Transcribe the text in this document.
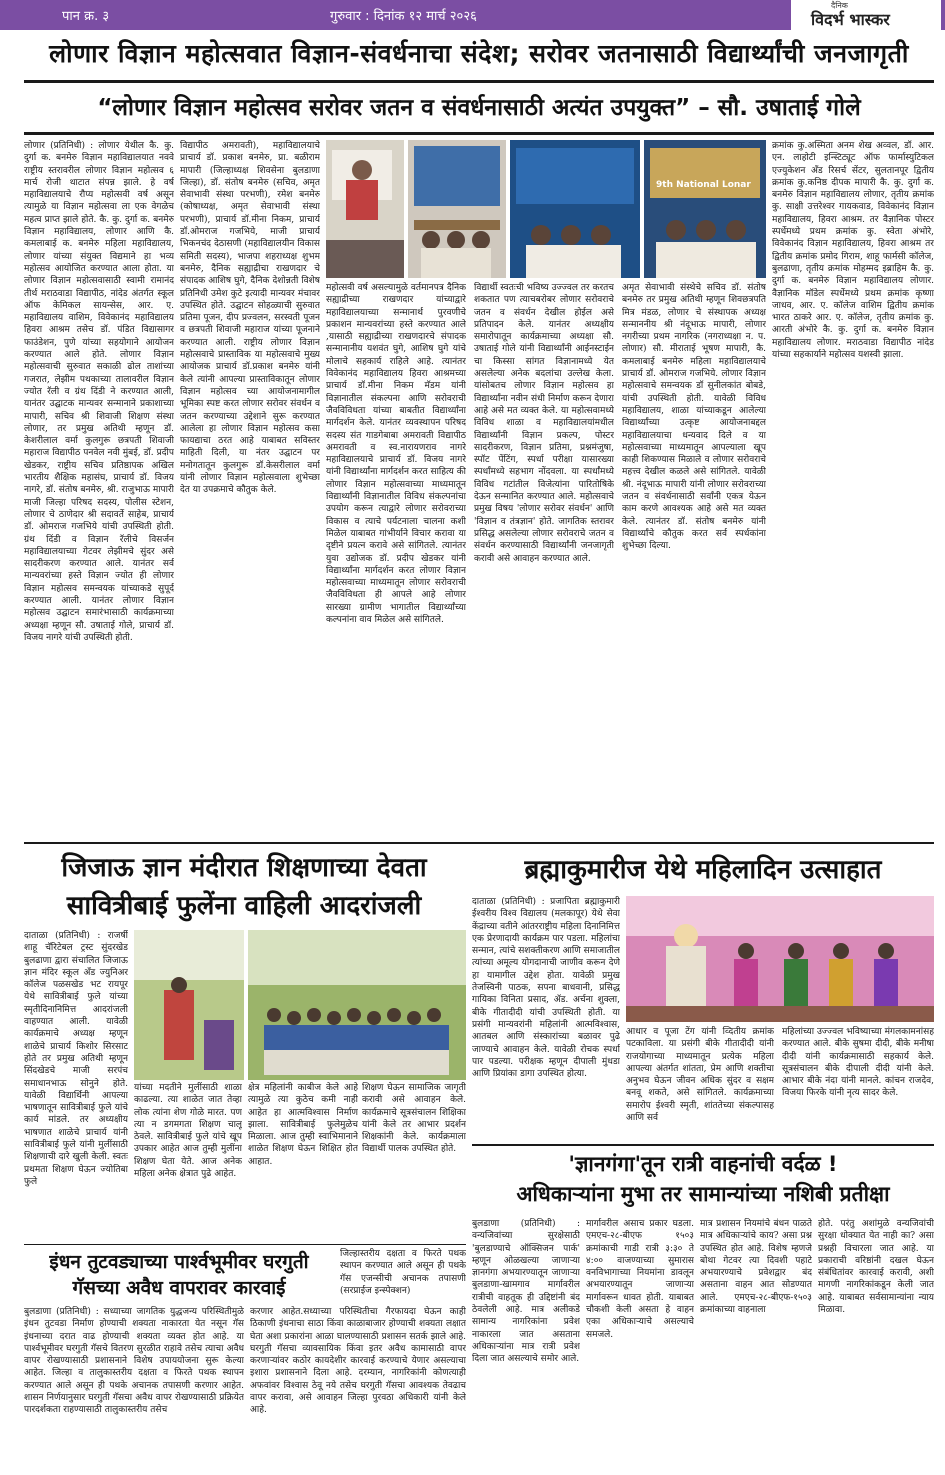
पान क्र. ३	गुरुवार : दिनांक १२ मार्च २०२६
दैनिक
विदर्भ भास्कर
लोणार विज्ञान महोत्सवात विज्ञान-संवर्धनाचा संदेश; सरोवर जतनासाठी विद्यार्थ्यांची जनजागृती
“लोणार विज्ञान महोत्सव सरोवर जतन व संवर्धनासाठी अत्यंत उपयुक्त” – सौ. उषाताई गोले
लोणार (प्रतिनिधी) : लोणार येथील कै. कु. दुर्गा क. बनमेरु विज्ञान महाविद्यालयात नववे राष्ट्रीय स्तरावरील लोणार विज्ञान महोत्सव ६ मार्च रोजी थाटात संपन्न झाले. हे वर्ष महाविद्यालयाचे रौप्य महोत्सवी वर्ष असून त्यामुळे या विज्ञान महोत्सवा ला एक वेगळेच महत्व प्राप्त झाले होते. कै. कु. दुर्गा क. बनमेरु विज्ञान महाविद्यालय, लोणार आणि कै. कमलाबाई क. बनमेरु महिला महाविद्यालय, लोणार यांच्या संयुक्त विद्यमाने हा भव्य महोत्सव आयोजित करण्यात आला होता. या लोणार विज्ञान महोत्सवासाठी स्वामी रामानंद तीर्थ मराठवाडा विद्यापीठ, नांदेड अंतर्गत स्कूल ऑफ केमिकल सायन्सेस, आर. ए. महाविद्यालय वाशिम, विवेकानंद महाविद्यालय हिवरा आश्रम तसेच डॉ. पंडित विद्यासागर फाउंडेशन, पुणे यांच्या सहयोगाने आयोजन करण्यात आले होते. लोणार विज्ञान महोत्सवाची सुरुवात सकाळी ढोल ताशांच्या गजरात, लेझीम पथकाच्या तालावरील विज्ञान ज्योत रॅली व ग्रंथ दिंडी ने करण्यात आली, यानंतर उद्घाटक मान्यवर सन्मानाने प्रकाशाच्या मापारी, सचिव श्री शिवाजी शिक्षण संस्था लोणार, तर प्रमुख अतिथी म्हणून डॉ. केशरीलाल वर्मा कुलगुरू छत्रपती शिवाजी महाराज विद्यापीठ पनवेल नवी मुंबई, डॉ. प्रदीप खेडकर, राष्ट्रीय सचिव प्रतिष्ठापक अखिल भारतीय शैक्षिक महासंघ, प्राचार्य डॉ. विजय नागरे, डॉ. संतोष बनमेरु, श्री. राजुभाऊ मापारी माजी जिल्हा परिषद सदस्य, पोलीस स्टेशन, लोणार चे ठाणेदार श्री सदावर्ते साहेब, प्राचार्य डॉ. ओमराज गजभिये यांची उपस्थिती होती. ग्रंथ दिंडी व विज्ञान रॅलीचे विसर्जन महाविद्यालयाच्या गेटवर लेझीमचे सुंदर असे सादरीकरण करण्यात आले. यानंतर सर्व मान्यवरांच्या हस्ते विज्ञान ज्योत ही लोणार विज्ञान महोत्सव समन्वयक यांच्याकडे सुपूर्द करण्यात आली. यानंतर लोणार विज्ञान महोत्सव उद्घाटन समारंभासाठी कार्यक्रमाच्या अध्यक्षा म्हणून सौ. उषाताई गोले, प्राचार्य डॉ. विजय नागरे यांची उपस्थिती होती.
विद्यापीठ अमरावती), महाविद्यालयाचे प्राचार्य डॉ. प्रकाश बनमेरु, प्रा. बळीराम मापारी (जिल्हाध्यक्ष शिवसेना बुलडाणा जिल्हा), डॉ. संतोष बनमेरु (सचिव, अमृत सेवाभावी संस्था परभणी), रमेश बनमेरु (कोषाध्यक्ष, अमृत सेवाभावी संस्था परभणी), प्राचार्य डॉ.मीना निकम, प्राचार्य डॉ.ओमराज गजभिये, माजी प्राचार्य भिकनचंद देठासणी (महाविद्यालयीन विकास समिती सदस्य), भाजपा शहराध्यक्ष शुभम बनमेरु, दैनिक सह्याद्रीचा राखणदार चे संपादक आशिष घुगे, दैनिक देशोन्नती विशेष प्रतिनिधी उमेश कुटे इत्यादी मान्यवर मंचावर उपस्थित होते. उद्घाटन सोहळ्याची सुरुवात प्रतिमा पूजन, दीप प्रज्वलन, सरस्वती पूजन व छत्रपती शिवाजी महाराज यांच्या पूजनाने करण्यात आली. राष्ट्रीय लोणार विज्ञान महोत्सवाचे प्रास्ताविक या महोत्सवाचे मुख्य आयोजक प्राचार्य डॉ.प्रकाश बनमेरु यांनी केले त्यांनी आपल्या प्रास्ताविकातून लोणार विज्ञान महोत्सव च्या आयोजनामागील भूमिका स्पष्ट करत लोणार सरोवर संवर्धन व जतन करण्याच्या उद्देशाने सुरू करण्यात आलेला हा लोणार विज्ञान महोत्सव कसा फायद्याचा ठरत आहे याबाबत सविस्तर माहिती दिली, या नंतर उद्घाटन पर मनोगतातून कुलगुरू डॉ.केसरीलाल वर्मा यांनी लोणार विज्ञान महोत्सवाला शुभेच्छा देत या उपक्रमाचे कौतुक केले.
9th National Lonar
महोत्सवी वर्ष असल्यामुळे वर्तमानपत्र दैनिक सह्याद्रीच्या राखणदार यांच्याद्वारे महाविद्यालयाच्या सन्मानार्थ पुरवणीचे प्रकाशन मान्यवरांच्या हस्ते करण्यात आले ,यासाठी सह्याद्रीच्या राखणदारचे संपादक सन्मानानीय यशवंत घुगे, आशिष घुगे यांचे मोलाचे सहकार्य राहिले आहे. त्यानंतर विवेकानंद महाविद्यालय हिवरा आश्रमच्या प्राचार्य डॉ.मीना निकम मॅडम यांनी विज्ञानातील संकल्पना आणि सरोवराची जैवविविधता यांच्या बाबतीत विद्यार्थ्यांना मार्गदर्शन केले. यानंतर व्यवस्थापन परिषद सदस्य संत गाडगेबाबा अमरावती विद्यापीठ अमरावती व स्व.नारायणराव नागरे महाविद्यालयाचे प्राचार्य डॉ. विजय नागरे यांनी विद्यार्थ्यांना मार्गदर्शन करत साहित्य की लोणार विज्ञान महोत्सवाच्या माध्यमातून विद्यार्थ्यांनी विज्ञानातील विविध संकल्पनांचा उपयोग करून त्याद्वारे लोणार सरोवराच्या विकास व त्याचे पर्यटनाला चालना कशी मिळेल याबाबत गांभीर्याने विचार करावा या दृष्टीने प्रयत्न करावे असे सांगितले. त्यानंतर युवा उद्योजक डॉ. प्रदीप खेडकर यांनी विद्यार्थ्यांना मार्गदर्शन करत लोणार विज्ञान महोत्सवाच्या माध्यमातून लोणार सरोवराची जैवविविधता ही आपले आहे लोणार सारख्या ग्रामीण भागातील विद्यार्थ्यांच्या कल्पनांना वाव मिळेल असे सांगितले.
विद्यार्थी स्वतःची भविष्य उज्ज्वल तर करतच शकतात पण त्याचबरोबर लोणार सरोवराचे जतन व संवर्धन देखील होईल असे प्रतिपादन केले. यानंतर अध्यक्षीय समारोपातून कार्यक्रमाच्या अध्यक्षा सौ. उषाताई गोले यांनी विद्यार्थ्यांनी आईनस्टाईन चा किस्सा सांगत विज्ञानामध्ये येत असलेल्या अनेक बदलांचा उल्लेख केला. यांसोबतच लोणार विज्ञान महोत्सव हा विद्यार्थ्यांना नवीन संधी निर्माण करून देणारा आहे असे मत व्यक्त केले. या महोत्सवामध्ये विविध शाळा व महाविद्यालयांमधील विद्यार्थ्यांनी विज्ञान प्रकल्प, पोस्टर सादरीकरण, विज्ञान प्रतिमा, प्रश्नमंजुषा, स्पॉट पेंटिंग, स्पर्धा परीक्षा यासारख्या स्पर्धांमध्ये सहभाग नोंदवला. या स्पर्धांमध्ये विविध गटांतील विजेत्यांना पारितोषिके देऊन सन्मानित करण्यात आले. महोत्सवाचे प्रमुख विषय 'लोणार सरोवर संवर्धन' आणि 'विज्ञान व तंत्रज्ञान' होते. जागतिक स्तरावर प्रसिद्ध असलेल्या लोणार सरोवराचे जतन व संवर्धन करण्यासाठी विद्यार्थ्यांनी जनजागृती करावी असे आवाहन करण्यात आले.
अमृत सेवाभावी संस्थेचे सचिव डॉ. संतोष बनमेरु तर प्रमुख अतिथी म्हणून शिवछत्रपति मित्र मंडळ, लोणार चे संस्थापक अध्यक्ष सन्माननीय श्री नंदूभाऊ मापारी, लोणार नगरीच्या प्रथम नागरिक (नगराध्यक्षा न. प. लोणार) सौ. मीराताई भूषण मापारी, कै. कमलाबाई बनमेरु महिला महाविद्यालयाचे प्राचार्य डॉ. ओमराज गजभिये. लोणार विज्ञान महोत्सवाचे समन्वयक डॉ सुनीलकांत बोबडे, यांची उपस्थिती होती. यावेळी विविध महाविद्यालय, शाळा यांच्याकडून आलेल्या विद्यार्थ्यांच्या उत्कृष्ट आयोजनाबद्दल महाविद्यालयाचा धन्यवाद दिले व या महोत्सवाच्या माध्यमातून आपल्याला खूप काही शिकण्यास मिळाले व लोणार सरोवराचे महत्त्व देखील कळले असे सांगितले. यावेळी श्री. नंदूभाऊ मापारी यांनी लोणार सरोवराच्या जतन व संवर्धनासाठी सर्वांनी एकत्र येऊन काम करणे आवश्यक आहे असे मत व्यक्त केले. त्यानंतर डॉ. संतोष बनमेरु यांनी विद्यार्थ्यांचे कौतुक करत सर्व स्पर्धकांना शुभेच्छा दिल्या.
क्रमांक कु.अस्मिता अनम शेख अव्वल, डॉ. आर. एन. लाहोटी इन्स्टिट्यूट ऑफ फार्मास्युटिकल एज्युकेशन अँड रिसर्च सेंटर, सुलतानपूर द्वितीय क्रमांक कु.कनिष्ठ दीपक मापारी कै. कु. दुर्गा क. बनमेरु विज्ञान महाविद्यालय लोणार, तृतीय क्रमांक कु. साक्षी उत्तरेश्वर गायकवाड, विवेकानंद विज्ञान महाविद्यालय, हिवरा आश्रम. तर वैज्ञानिक पोस्टर स्पर्धेमध्ये प्रथम क्रमांक कु. स्वेता अंभोरे, विवेकानंद विज्ञान महाविद्यालय, हिवरा आश्रम तर द्वितीय क्रमांक प्रमोद गिराम, शाहू फार्मसी कॉलेज, बुलढाणा, तृतीय क्रमांक मोहम्मद इब्राहिम कै. कु. दुर्गा क. बनमेरु विज्ञान महाविद्यालय लोणार. वैज्ञानिक मॉडेल स्पर्धेमध्ये प्रथम क्रमांक कृष्णा जाधव, आर. ए. कॉलेज वाशिम द्वितीय क्रमांक भारत ठाकरे आर. ए. कॉलेज, तृतीय क्रमांक कु. आरती अंभोरे कै. कु. दुर्गा क. बनमेरु विज्ञान महाविद्यालय लोणार. मराठवाडा विद्यापीठ नांदेड यांच्या सहकार्याने महोत्सव यशस्वी झाला.
जिजाऊ ज्ञान मंदीरात शिक्षणाच्या देवता
सावित्रीबाई फुलेंना वाहिली आदरांजली
दाताळा (प्रतिनिधी) : राजर्षी शाहू चॅरिटेबल ट्रस्ट सुंदरखेड बुलढाणा द्वारा संचालित जिजाऊ ज्ञान मंदिर स्कूल ॲंड ज्युनिअर कॉलेज पळसखेड भट रायपूर येथे सावित्रीबाई फुले यांच्या स्मृतीदिनानिमित्त आदरांजली वाहण्यात आली. यावेळी कार्यक्रमाचे अध्यक्ष म्हणून शाळेचे प्राचार्य किशोर सिरसाट होते तर प्रमुख अतिथी म्हणून सिंदखेडचे माजी सरपंच समाधानभाऊ सोनुने होते. यावेळी विद्यार्थिनी आपल्या भाषणातून सावित्रीबाई फुले यांचे कार्य मांडले. तर अध्यक्षीय भाषणात शाळेचे प्राचार्य यांनी सावित्रीबाई फुले यांनी मुलींसाठी शिक्षणाची दारे खुली केली. स्वतः प्रथमता शिक्षण घेऊन ज्योतिबा फुले
यांच्या मदतीने मुलींसाठी शाळा काढल्या. त्या शाळेत जात तेव्हा लोक त्यांना शेण गोळे मारत. पण त्या न डगमगता शिक्षण चालू ठेवले. सावित्रीबाई फुले यांचे खूप उपकार आहेत आज तुम्ही मुलींना शिक्षण घेता येते. आज अनेक महिला अनेक क्षेत्रात पुढे आहेत.
क्षेत्र महिलांनी काबीज केले आहे त्यामुळे त्या कुठेच कमी नाही आहेत हा आत्मविश्वास निर्माण झाला. सावित्रीबाई फुलेमुळेच मिळाला. आज तुम्ही स्वाभिमानाने शाळेत शिक्षण घेऊन शिक्षित होत आहात.
शिक्षण घेऊन सामाजिक जागृती करावी असे आवाहन केले. कार्यक्रमाचे सूत्रसंचालन शिक्षिका यांनी केले तर आभार प्रदर्शन शिक्षकांनी केले. कार्यक्रमाला विद्यार्थी पालक उपस्थित होते.
ब्रह्माकुमारीज येथे महिलादिन उत्साहात
दाताळा (प्रतिनिधी) : प्रजापिता ब्रह्माकुमारी ईश्वरीय विश्व विद्यालय (मलकापूर) येथे सेवा केंद्राच्या वतीने आंतरराष्ट्रीय महिला दिनानिमित्त एक प्रेरणादायी कार्यक्रम पार पडला. महिलांचा सन्मान, त्यांचे सशक्तीकरण आणि समाजातील त्यांच्या अमूल्य योगदानाची जाणीव करून देणे हा यामागील उद्देश होता. यावेळी प्रमुख तेजस्विनी पाठक, सपना बाधवानी, प्रसिद्ध गायिका विनिता प्रसाद, ॲड. अर्चना शुक्ला, बीके गीतादीदी यांची उपस्थिती होती. या प्रसंगी मान्यवरांनी महिलांनी आत्मविश्वास, आतबल आणि संस्कारांच्या बळावर पुढे जाण्याचे आवाहन केले. यावेळी रोचक स्पर्धा पार पडल्या. परीक्षक म्हणून दीपाली मुंधडा आणि प्रियांका डागा उपस्थित होत्या.
आधार व पूजा टेंग यांनी व्दितीय क्रमांक पटकाविला. या प्रसंगी बीके गीतादीदी यांनी राजयोगाच्या माध्यमातून प्रत्येक महिला आपल्या अंतर्गत शांतता, प्रेम आणि शक्तीचा अनुभव घेऊन जीवन अधिक सुंदर व सक्षम बनवू शकते, असे सांगितले. कार्यक्रमाच्या समारोप ईश्वरी स्मृती, शांततेच्या संकल्पासह आणि सर्व
महिलांच्या उज्ज्वल भविष्याच्या मंगलकामनांसह करण्यात आले. बीके सुषमा दीदी, बीके मनीषा दीदी यांनी कार्यक्रमासाठी सहकार्य केले. सूत्रसंचालन बीके दीपाली दीदी यांनी केले. आभार बीके नंदा यांनी मानले. कांचन राजदेव, विजया फिरके यांनी नृत्य सादर केले.
'ज्ञानगंगा'तून रात्री वाहनांची वर्दळ !
अधिकाऱ्यांना मुभा तर सामान्यांच्या नशिबी प्रतीक्षा
बुलडाणा (प्रतिनिधी) : वन्यजिवांच्या सुरक्षेसाठी 'बुलडाण्याचे ऑक्सिजन पार्क' म्हणून ओळखल्या जाणाऱ्या ज्ञानगंगा अभयारण्यातून जाणाऱ्या बुलडाणा-खामगाव मार्गावरील रात्रीची वाहतूक ही उद्दिष्टांनी बंद ठेवलेली आहे. मात्र अलीकडे सामान्य नागरिकांना प्रवेश नाकारला जात असताना अधिकाऱ्यांना मात्र रात्री प्रवेश दिला जात असल्याचे समोर आले.
मार्गावरील असाच प्रकार घडला. एमएच-२८-बीएफ १५०३ क्रमांकाची गाडी रात्री ३:३० ते ४:०० वाजण्याच्या सुमारास वनविभागाच्या नियमांना डावलून अभयारण्यातून जाणाऱ्या मार्गावरून धावत होती. याबाबत चौकशी केली असता हे वाहन एका अधिकाऱ्याचे असल्याचे समजले.
मात्र प्रशासन नियमांचे बंधन पाळते मात्र अधिकाऱ्यांचे काय? असा प्रश्न उपस्थित होत आहे. विशेष म्हणजे बोथा गेटवर त्या दिवशी पहाटे अभयारण्याचे प्रवेशद्वार बंद असताना वाहन आत सोडण्यात आले. एमएच-२८-बीएफ-१५०३ क्रमांकाच्या वाहनाला
होते. परंतु अशांमुळे वन्यजिवांची सुरक्षा धोक्यात येत नाही का? असा प्रश्नही विचारला जात आहे. या प्रकाराची वरिष्ठांनी दखल घेऊन संबंधितांवर कारवाई करावी, अशी मागणी नागरिकांकडून केली जात आहे. याबाबत सर्वसामान्यांना न्याय मिळावा.
इंधन तुटवड्याच्या पार्श्वभूमीवर घरगुती
गॅसच्या अवैध वापरावर कारवाई
जिल्हास्तरीय दक्षता व फिरते पथक स्थापन करण्यात आले असून ही पथके गॅस एजन्सीची अचानक तपासणी (सरप्राईज इन्स्पेक्शन)
बुलडाणा (प्रतिनिधी) : सध्याच्या जागतिक युद्धजन्य परिस्थितीमुळे इंधन तुटवडा निर्माण होण्याची शक्यता नाकारता येत नसून गॅस इंधनाच्या दरात वाढ होण्याची शक्यता व्यक्त होत आहे. या पार्श्वभूमीवर घरगुती गॅसचे वितरण सुरळीत राहावे तसेच त्याचा अवैध वापर रोखण्यासाठी प्रशासनाने विशेष उपाययोजना सुरू केल्या आहेत. जिल्हा व तालुकास्तरीय दक्षता व फिरते पथक स्थापन करण्यात आले असून ही पथके अचानक तपासणी करणार आहेत. शासन निर्णयानुसार घरगुती गॅसचा अवैध वापर रोखण्यासाठी प्रक्रियेत पारदर्शकता राहण्यासाठी तालुकास्तरीय तसेच
करणार आहेत.सध्याच्या परिस्थितीचा गैरफायदा घेऊन काही ठिकाणी इंधनाचा साठा किंवा काळाबाजार होण्याची शक्यता लक्षात घेता अशा प्रकारांना आळा घालण्यासाठी प्रशासन सतर्क झाले आहे. घरगुती गॅसचा व्यावसायिक किंवा इतर अवैध कामासाठी वापर करणाऱ्यांवर कठोर कायदेशीर कारवाई करण्याचे येणार असल्याचा इशारा प्रशासनाने दिला आहे. दरम्यान, नागरिकांनी कोणत्याही अफवांवर विश्वास ठेवू नये तसेच घरगुती गॅसचा आवश्यक तेवढाच वापर करावा, असे आवाहन जिल्हा पुरवठा अधिकारी यांनी केले आहे.
